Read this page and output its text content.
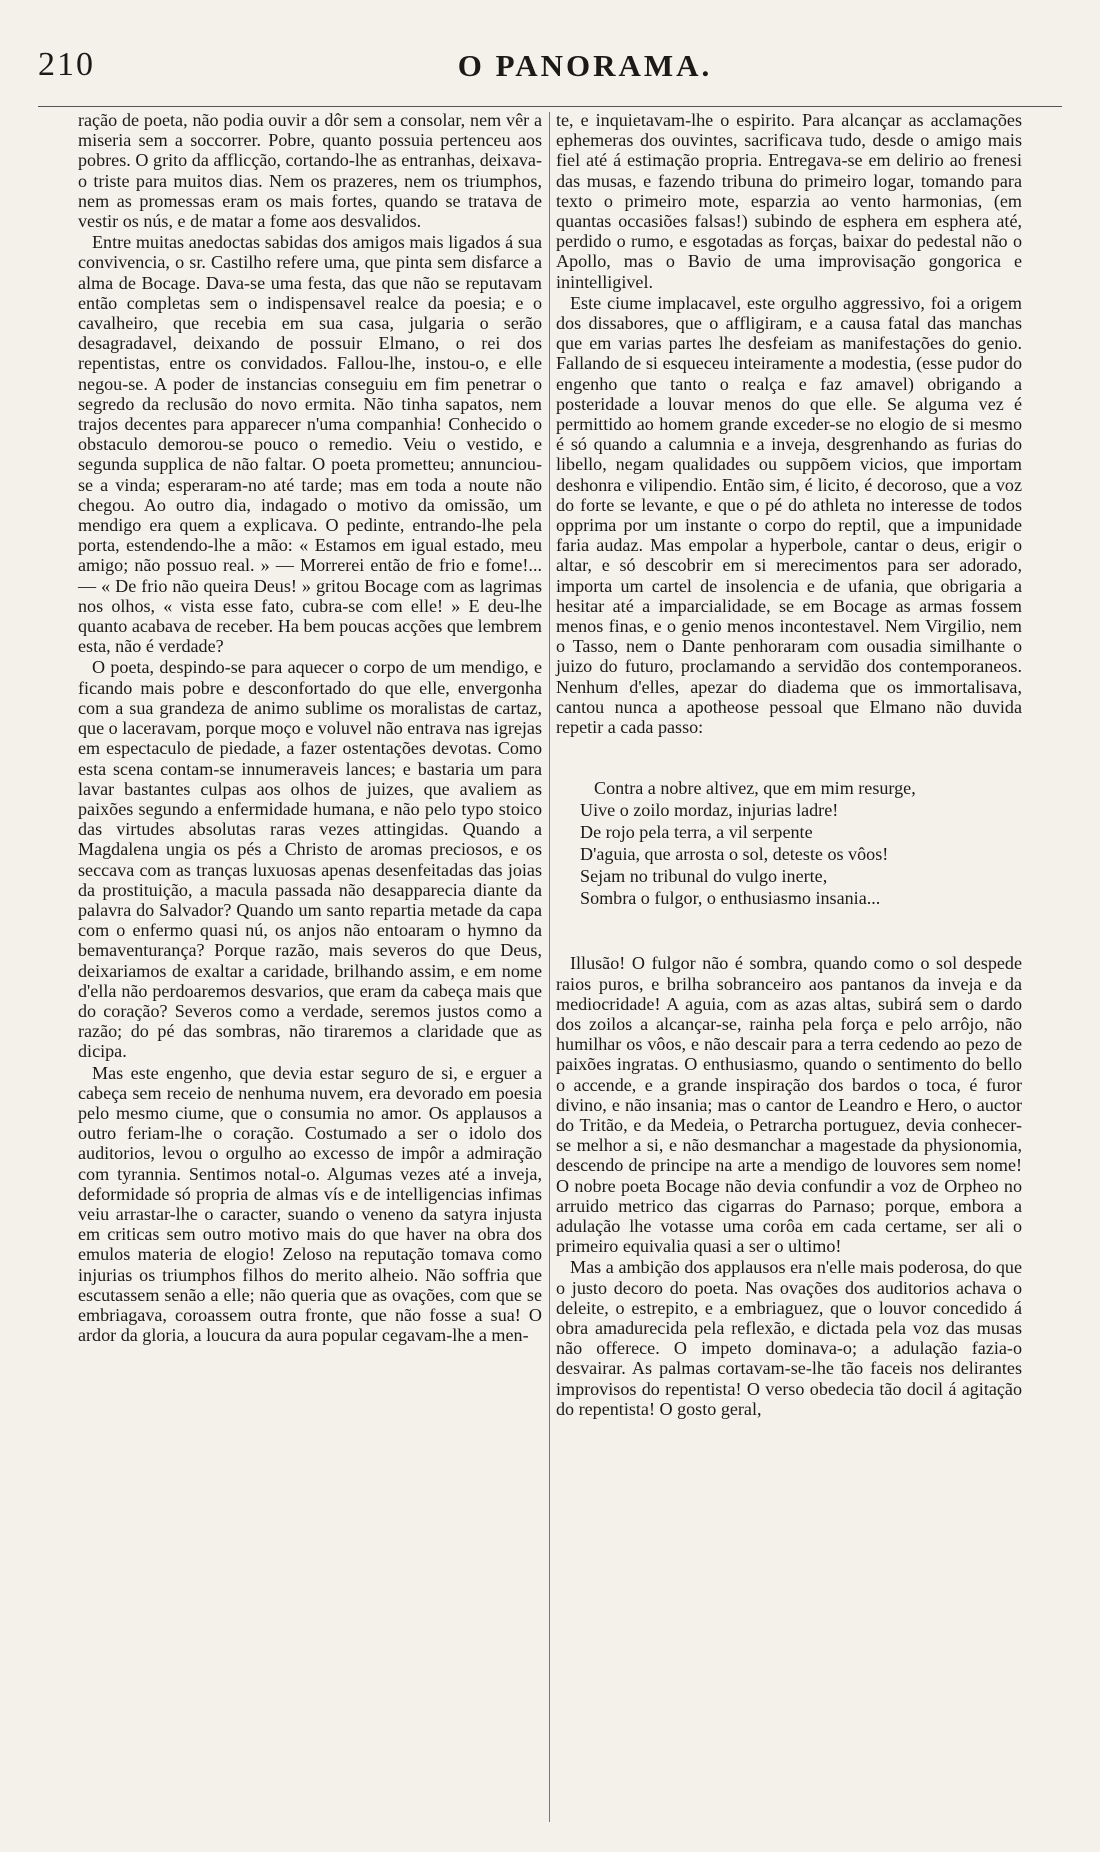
210	O PANORAMA.

ração de poeta, não podia ouvir a dôr sem a consolar, nem vêr a miseria sem a soccorrer. Pobre, quanto possuia pertenceu aos pobres. O grito da afflicção, cortando-lhe as entranhas, deixava-o triste para muitos dias. Nem os prazeres, nem os triumphos, nem as promessas eram os mais fortes, quando se tratava de vestir os nús, e de matar a fome aos desvalidos.

Entre muitas anedoctas sabidas dos amigos mais ligados á sua convivencia, o sr. Castilho refere uma, que pinta sem disfarce a alma de Bocage. Dava-se uma festa, das que não se reputavam então completas sem o indispensavel realce da poesia; e o cavalheiro, que recebia em sua casa, julgaria o serão desagradavel, deixando de possuir Elmano, o rei dos repentistas, entre os convidados. Fallou-lhe, instou-o, e elle negou-se. A poder de instancias conseguiu em fim penetrar o segredo da reclusão do novo ermita. Não tinha sapatos, nem trajos decentes para apparecer n'uma companhia! Conhecido o obstaculo demorou-se pouco o remedio. Veiu o vestido, e segunda supplica de não faltar. O poeta prometteu; annunciou-se a vinda; esperaram-no até tarde; mas em toda a noute não chegou. Ao outro dia, indagado o motivo da omissão, um mendigo era quem a explicava. O pedinte, entrando-lhe pela porta, estendendo-lhe a mão: « Estamos em igual estado, meu amigo; não possuo real. » — Morrerei então de frio e fome!... — « De frio não queira Deus! » gritou Bocage com as lagrimas nos olhos, « vista esse fato, cubra-se com elle! » E deu-lhe quanto acabava de receber. Ha bem poucas acções que lembrem esta, não é verdade?

O poeta, despindo-se para aquecer o corpo de um mendigo, e ficando mais pobre e desconfortado do que elle, envergonha com a sua grandeza de animo sublime os moralistas de cartaz, que o laceravam, porque moço e voluvel não entrava nas igrejas em espectaculo de piedade, a fazer ostentações devotas. Como esta scena contam-se innumeraveis lances; e bastaria um para lavar bastantes culpas aos olhos de juizes, que avaliem as paixões segundo a enfermidade humana, e não pelo typo stoico das virtudes absolutas raras vezes attingidas. Quando a Magdalena ungia os pés a Christo de aromas preciosos, e os seccava com as tranças luxuosas apenas desenfeitadas das joias da prostituição, a macula passada não desapparecia diante da palavra do Salvador? Quando um santo repartia metade da capa com o enfermo quasi nú, os anjos não entoaram o hymno da bemaventurança? Porque razão, mais severos do que Deus, deixariamos de exaltar a caridade, brilhando assim, e em nome d'ella não perdoaremos desvarios, que eram da cabeça mais que do coração? Severos como a verdade, seremos justos como a razão; do pé das sombras, não tiraremos a claridade que as dicipa.

Mas este engenho, que devia estar seguro de si, e erguer a cabeça sem receio de nenhuma nuvem, era devorado em poesia pelo mesmo ciume, que o consumia no amor. Os applausos a outro feriam-lhe o coração. Costumado a ser o idolo dos auditorios, levou o orgulho ao excesso de impôr a admiração com tyrannia. Sentimos notal-o. Algumas vezes até a inveja, deformidade só propria de almas vís e de intelligencias infimas veiu arrastar-lhe o caracter, suando o veneno da satyra injusta em criticas sem outro motivo mais do que haver na obra dos emulos materia de elogio! Zeloso na reputação tomava como injurias os triumphos filhos do merito alheio. Não soffria que escutassem senão a elle; não queria que as ovações, com que se embriagava, coroassem outra fronte, que não fosse a sua! O ardor da gloria, a loucura da aura popular cegavam-lhe a men-

te, e inquietavam-lhe o espirito. Para alcançar as acclamações ephemeras dos ouvintes, sacrificava tudo, desde o amigo mais fiel até á estimação propria. Entregava-se em delirio ao frenesi das musas, e fazendo tribuna do primeiro logar, tomando para texto o primeiro mote, esparzia ao vento harmonias, (em quantas occasiões falsas!) subindo de esphera em esphera até, perdido o rumo, e esgotadas as forças, baixar do pedestal não o Apollo, mas o Bavio de uma improvisação gongorica e inintelligivel.

Este ciume implacavel, este orgulho aggressivo, foi a origem dos dissabores, que o affligiram, e a causa fatal das manchas que em varias partes lhe desfeiam as manifestações do genio. Fallando de si esqueceu inteiramente a modestia, (esse pudor do engenho que tanto o realça e faz amavel) obrigando a posteridade a louvar menos do que elle. Se alguma vez é permittido ao homem grande exceder-se no elogio de si mesmo é só quando a calumnia e a inveja, desgrenhando as furias do libello, negam qualidades ou suppõem vicios, que importam deshonra e vilipendio. Então sim, é licito, é decoroso, que a voz do forte se levante, e que o pé do athleta no interesse de todos opprima por um instante o corpo do reptil, que a impunidade faria audaz. Mas empolar a hyperbole, cantar o deus, erigir o altar, e só descobrir em si merecimentos para ser adorado, importa um cartel de insolencia e de ufania, que obrigaria a hesitar até a imparcialidade, se em Bocage as armas fossem menos finas, e o genio menos incontestavel. Nem Virgilio, nem o Tasso, nem o Dante penhoraram com ousadia similhante o juizo do futuro, proclamando a servidão dos contemporaneos. Nenhum d'elles, apezar do diadema que os immortalisava, cantou nunca a apotheose pessoal que Elmano não duvida repetir a cada passo:

Contra a nobre altivez, que em mim resurge,
Uive o zoilo mordaz, injurias ladre!
De rojo pela terra, a vil serpente
D'aguia, que arrosta o sol, deteste os vôos!
Sejam no tribunal do vulgo inerte,
Sombra o fulgor, o enthusiasmo insania...

Illusão! O fulgor não é sombra, quando como o sol despede raios puros, e brilha sobranceiro aos pantanos da inveja e da mediocridade! A aguia, com as azas altas, subirá sem o dardo dos zoilos a alcançar-se, rainha pela força e pelo arrôjo, não humilhar os vôos, e não descair para a terra cedendo ao pezo de paixões ingratas. O enthusiasmo, quando o sentimento do bello o accende, e a grande inspiração dos bardos o toca, é furor divino, e não insania; mas o cantor de Leandro e Hero, o auctor do Tritão, e da Medeia, o Petrarcha portuguez, devia conhecer-se melhor a si, e não desmanchar a magestade da physionomia, descendo de principe na arte a mendigo de louvores sem nome! O nobre poeta Bocage não devia confundir a voz de Orpheo no arruido metrico das cigarras do Parnaso; porque, embora a adulação lhe votasse uma corôa em cada certame, ser ali o primeiro equivalia quasi a ser o ultimo!

Mas a ambição dos applausos era n'elle mais poderosa, do que o justo decoro do poeta. Nas ovações dos auditorios achava o deleite, o estrepito, e a embriaguez, que o louvor concedido á obra amadurecida pela reflexão, e dictada pela voz das musas não offerece. O impeto dominava-o; a adulação fazia-o desvairar. As palmas cortavam-se-lhe tão faceis nos delirantes improvisos do repentista! O verso obedecia tão docil á agitação do repentista! O gosto geral,
